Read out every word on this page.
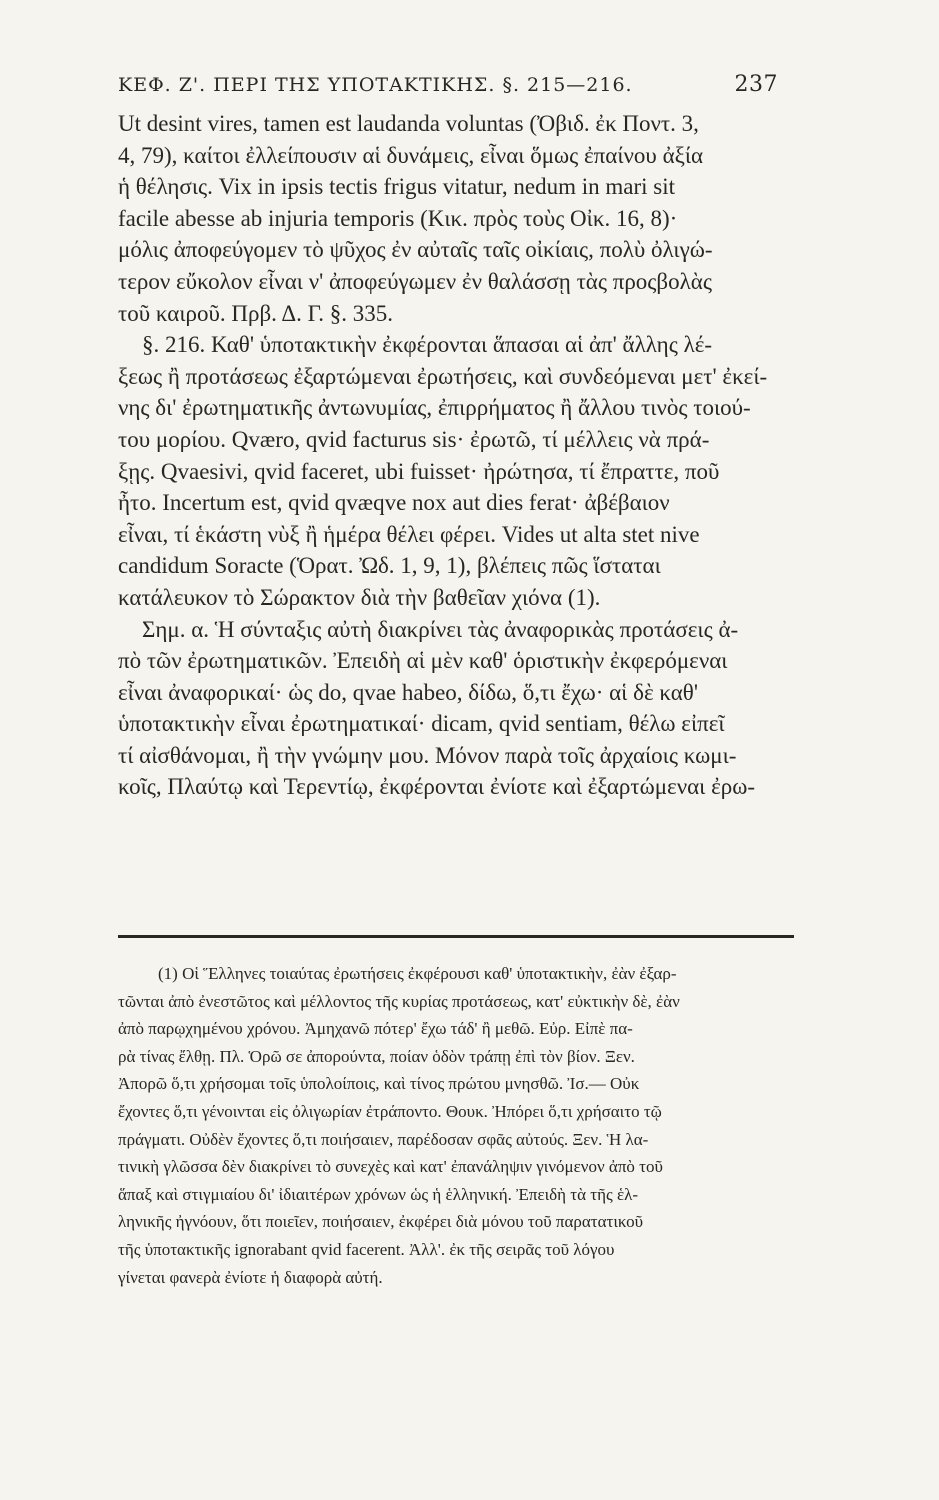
ΚΕΦ. Ζ'. ΠΕΡΙ ΤΗΣ ΥΠΟΤΑΚΤΙΚΗΣ. §. 215—216.	237
Ut desint vires, tamen est laudanda voluntas (Ὀβιδ. ἐκ Ποντ. 3,
4, 79), καίτοι ἐλλείπουσιν αἱ δυνάμεις, εἶναι ὅμως ἐπαίνου ἀξία
ἡ θέλησις. Vix in ipsis tectis frigus vitatur, nedum in mari sit
facile abesse ab injuria temporis (Κικ. πρὸς τοὺς Οἰκ. 16, 8)·
μόλις ἀποφεύγομεν τὸ ψῦχος ἐν αὐταῖς ταῖς οἰκίαις, πολὺ ὀλιγώ-
τερον εὔκολον εἶναι ν' ἀποφεύγωμεν ἐν θαλάσσῃ τὰς προςβολὰς
τοῦ καιροῦ. Πρβ. Δ. Γ. §. 335.
§. 216. Καθ' ὑποτακτικὴν ἐκφέρονται ἅπασαι αἱ ἀπ' ἄλλης λέ-
ξεως ἢ προτάσεως ἐξαρτώμεναι ἐρωτήσεις, καὶ συνδεόμεναι μετ' ἐκεί-
νης δι' ἐρωτηματικῆς ἀντωνυμίας, ἐπιρρήματος ἢ ἄλλου τινὸς τοιού-
του μορίου. Qværo, qvid facturus sis· ἐρωτῶ, τί μέλλεις νὰ πρά-
ξῃς. Qvaesivi, qvid faceret, ubi fuisset· ἠρώτησα, τί ἔπραττε, ποῦ
ἦτο. Incertum est, qvid qvæqve nox aut dies ferat· ἀβέβαιον
εἶναι, τί ἑκάστη νὺξ ἢ ἡμέρα θέλει φέρει. Vides ut alta stet nive
candidum Soracte (Ὁρατ. Ὠδ. 1, 9, 1), βλέπεις πῶς ἵσταται
κατάλευκον τὸ Σώρακτον διὰ τὴν βαθεῖαν χιόνα (1).
Σημ. α. Ἡ σύνταξις αὐτὴ διακρίνει τὰς ἀναφορικὰς προτάσεις ἀ-
πὸ τῶν ἐρωτηματικῶν. Ἐπειδὴ αἱ μὲν καθ' ὁριστικὴν ἐκφερόμεναι
εἶναι ἀναφορικαί· ὡς do, qvae habeo, δίδω, ὅ,τι ἔχω· αἱ δὲ καθ'
ὑποτακτικὴν εἶναι ἐρωτηματικαί· dicam, qvid sentiam, θέλω εἰπεῖ
τί αἰσθάνομαι, ἢ τὴν γνώμην μου. Μόνον παρὰ τοῖς ἀρχαίοις κωμι-
κοῖς, Πλαύτῳ καὶ Τερεντίῳ, ἐκφέρονται ἐνίοτε καὶ ἐξαρτώμεναι ἐρω-
(1) Οἱ Ἕλληνες τοιαύτας ἐρωτήσεις ἐκφέρουσι καθ' ὑποτακτικὴν, ἐὰν ἐξαρ-
τῶνται ἀπὸ ἐνεστῶτος καὶ μέλλοντος τῆς κυρίας προτάσεως, κατ' εὐκτικὴν δὲ, ἐὰν
ἀπὸ παρῳχημένου χρόνου. Ἀμηχανῶ πότερ' ἔχω τάδ' ἢ μεθῶ. Εὐρ. Εἰπὲ πα-
ρὰ τίνας ἔλθῃ. Πλ. Ὁρῶ σε ἀπορούντα, ποίαν ὁδὸν τράπῃ ἐπὶ τὸν βίον. Ξεν.
Ἀπορῶ ὅ,τι χρήσομαι τοῖς ὑπολοίποις, καὶ τίνος πρώτου μνησθῶ. Ἰσ.— Οὐκ
ἔχοντες ὅ,τι γένοινται εἰς ὀλιγωρίαν ἐτράποντο. Θουκ. Ἠπόρει ὅ,τι χρήσαιτο τῷ
πράγματι. Οὐδὲν ἔχοντες ὅ,τι ποιήσαιεν, παρέδοσαν σφᾶς αὐτούς. Ξεν. Ἡ λα-
τινικὴ γλῶσσα δὲν διακρίνει τὸ συνεχὲς καὶ κατ' ἐπανάληψιν γινόμενον ἀπὸ τοῦ
ἅπαξ καὶ στιγμιαίου δι' ἰδιαιτέρων χρόνων ὡς ἡ ἑλληνική. Ἐπειδὴ τὰ τῆς ἑλ-
ληνικῆς ἠγνόουν, ὅτι ποιεῖεν, ποιήσαιεν, ἐκφέρει διὰ μόνου τοῦ παρατατικοῦ
τῆς ὑποτακτικῆς ignorabant qvid facerent. Ἀλλ'. ἐκ τῆς σειρᾶς τοῦ λόγου
γίνεται φανερὰ ἐνίοτε ἡ διαφορὰ αὐτή.
